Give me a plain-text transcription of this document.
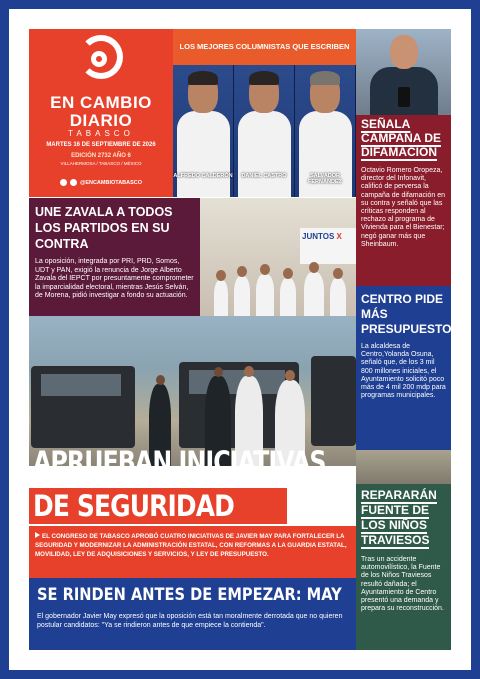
EN CAMBIO
DIARIO
TABASCO
MARTES 16 DE SEPTIEMBRE DE 2026
EDICIÓN 2732 AÑO 6
VILLAHERMOSA / TABASCO / MÉXICO
@ENCAMBIOTABASCO
LOS MEJORES COLUMNISTAS QUE ESCRIBEN
ALFREDO CALDERÓN	DANIEL CASTRO	SALVADOR FERNÁNDEZ
SEÑALA CAMPAÑA DE DIFAMACIÓN
Octavio Romero Oropeza, director del Infonavit, calificó de perversa la campaña de difamación en su contra y señaló que las críticas responden al rechazo al programa de Vivienda para el Bienestar; negó ganar más que Sheinbaum.
UNE ZAVALA A TODOS LOS PARTIDOS EN SU CONTRA
La oposición, integrada por PRI, PRD, Somos, UDT y PAN, exigió la renuncia de Jorge Alberto Zavala del IEPCT por presuntamente comprometer la imparcialidad electoral, mientras Jesús Selván, de Morena, pidió investigar a fondo su actuación.
JUNTOS X
CENTRO PIDE MÁS PRESUPUESTO
La alcaldesa de Centro,Yolanda Osuna, señaló que, de los 3 mil 800 millones iniciales, el Ayuntamiento solicitó poco más de 4 mil 200 mdp para programas municipales.
APRUEBAN INICIATIVAS
DE SEGURIDAD
EL CONGRESO DE TABASCO APROBÓ CUATRO INICIATIVAS DE JAVIER MAY PARA FORTALECER LA SEGURIDAD Y MODERNIZAR LA ADMINISTRACIÓN ESTATAL, CON REFORMAS A LA GUARDIA ESTATAL, MOVILIDAD, LEY DE ADQUISICIONES Y SERVICIOS, Y LEY DE PRESUPUESTO.
SE RINDEN ANTES DE EMPEZAR: MAY
El gobernador Javier May expresó que la oposición está tan moralmente derrotada que no quieren postular candidatos: "Ya se rindieron antes de que empiece la contienda".
REPARARÁN FUENTE DE LOS NIÑOS TRAVIESOS
Tras un accidente automovilístico, la Fuente de los Niños Traviesos resultó dañada; el Ayuntamiento de Centro presentó una demanda y prepara su reconstrucción.
